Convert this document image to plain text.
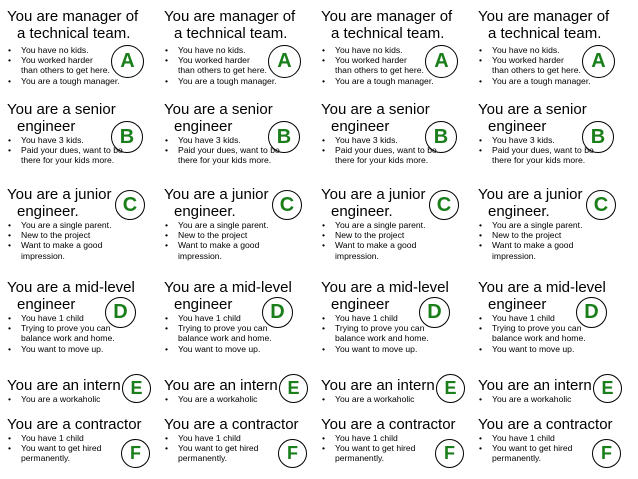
You are manager of
a technical team.
• You have no kids.
• You worked harder
than others to get here.
• You are a tough manager.
A
You are a senior
engineer
• You have 3 kids.
• Paid your dues, want to be
there for your kids more.
B
You are a junior
engineer.
• You are a single parent.
• New to the project
• Want to make a good
impression.
C
You are a mid-level
engineer
• You have 1 child
• Trying to prove you can
balance work and home.
• You want to move up.
D
You are an intern
• You are a workaholic
E
You are a contractor
• You have 1 child
• You want to get hired
permanently.	F
You are manager of
a technical team.
• You have no kids.
• You worked harder
than others to get here.
• You are a tough manager.
A
You are a senior
engineer
• You have 3 kids.
• Paid your dues, want to be
there for your kids more.
B
You are a junior
engineer.
• You are a single parent.
• New to the project
• Want to make a good
impression.
C
You are a mid-level
engineer
• You have 1 child
• Trying to prove you can
balance work and home.
• You want to move up.
D
You are an intern
• You are a workaholic
E
You are a contractor
• You have 1 child
• You want to get hired
permanently.	F
You are manager of
a technical team.
• You have no kids.
• You worked harder
than others to get here.
• You are a tough manager.
A
You are a senior
engineer
• You have 3 kids.
• Paid your dues, want to be
there for your kids more.
B
You are a junior
engineer.
• You are a single parent.
• New to the project
• Want to make a good
impression.
C
You are a mid-level
engineer
• You have 1 child
• Trying to prove you can
balance work and home.
• You want to move up.
D
You are an intern
• You are a workaholic
E
You are a contractor
• You have 1 child
• You want to get hired
permanently.	F
You are manager of
a technical team.
• You have no kids.
• You worked harder
than others to get here.
• You are a tough manager.
A
You are a senior
engineer
• You have 3 kids.
• Paid your dues, want to be
there for your kids more.
B
You are a junior
engineer.
• You are a single parent.
• New to the project
• Want to make a good
impression.
C
You are a mid-level
engineer
• You have 1 child
• Trying to prove you can
balance work and home.
• You want to move up.
D
You are an intern
• You are a workaholic
E
You are a contractor
• You have 1 child
• You want to get hired
permanently.	F
